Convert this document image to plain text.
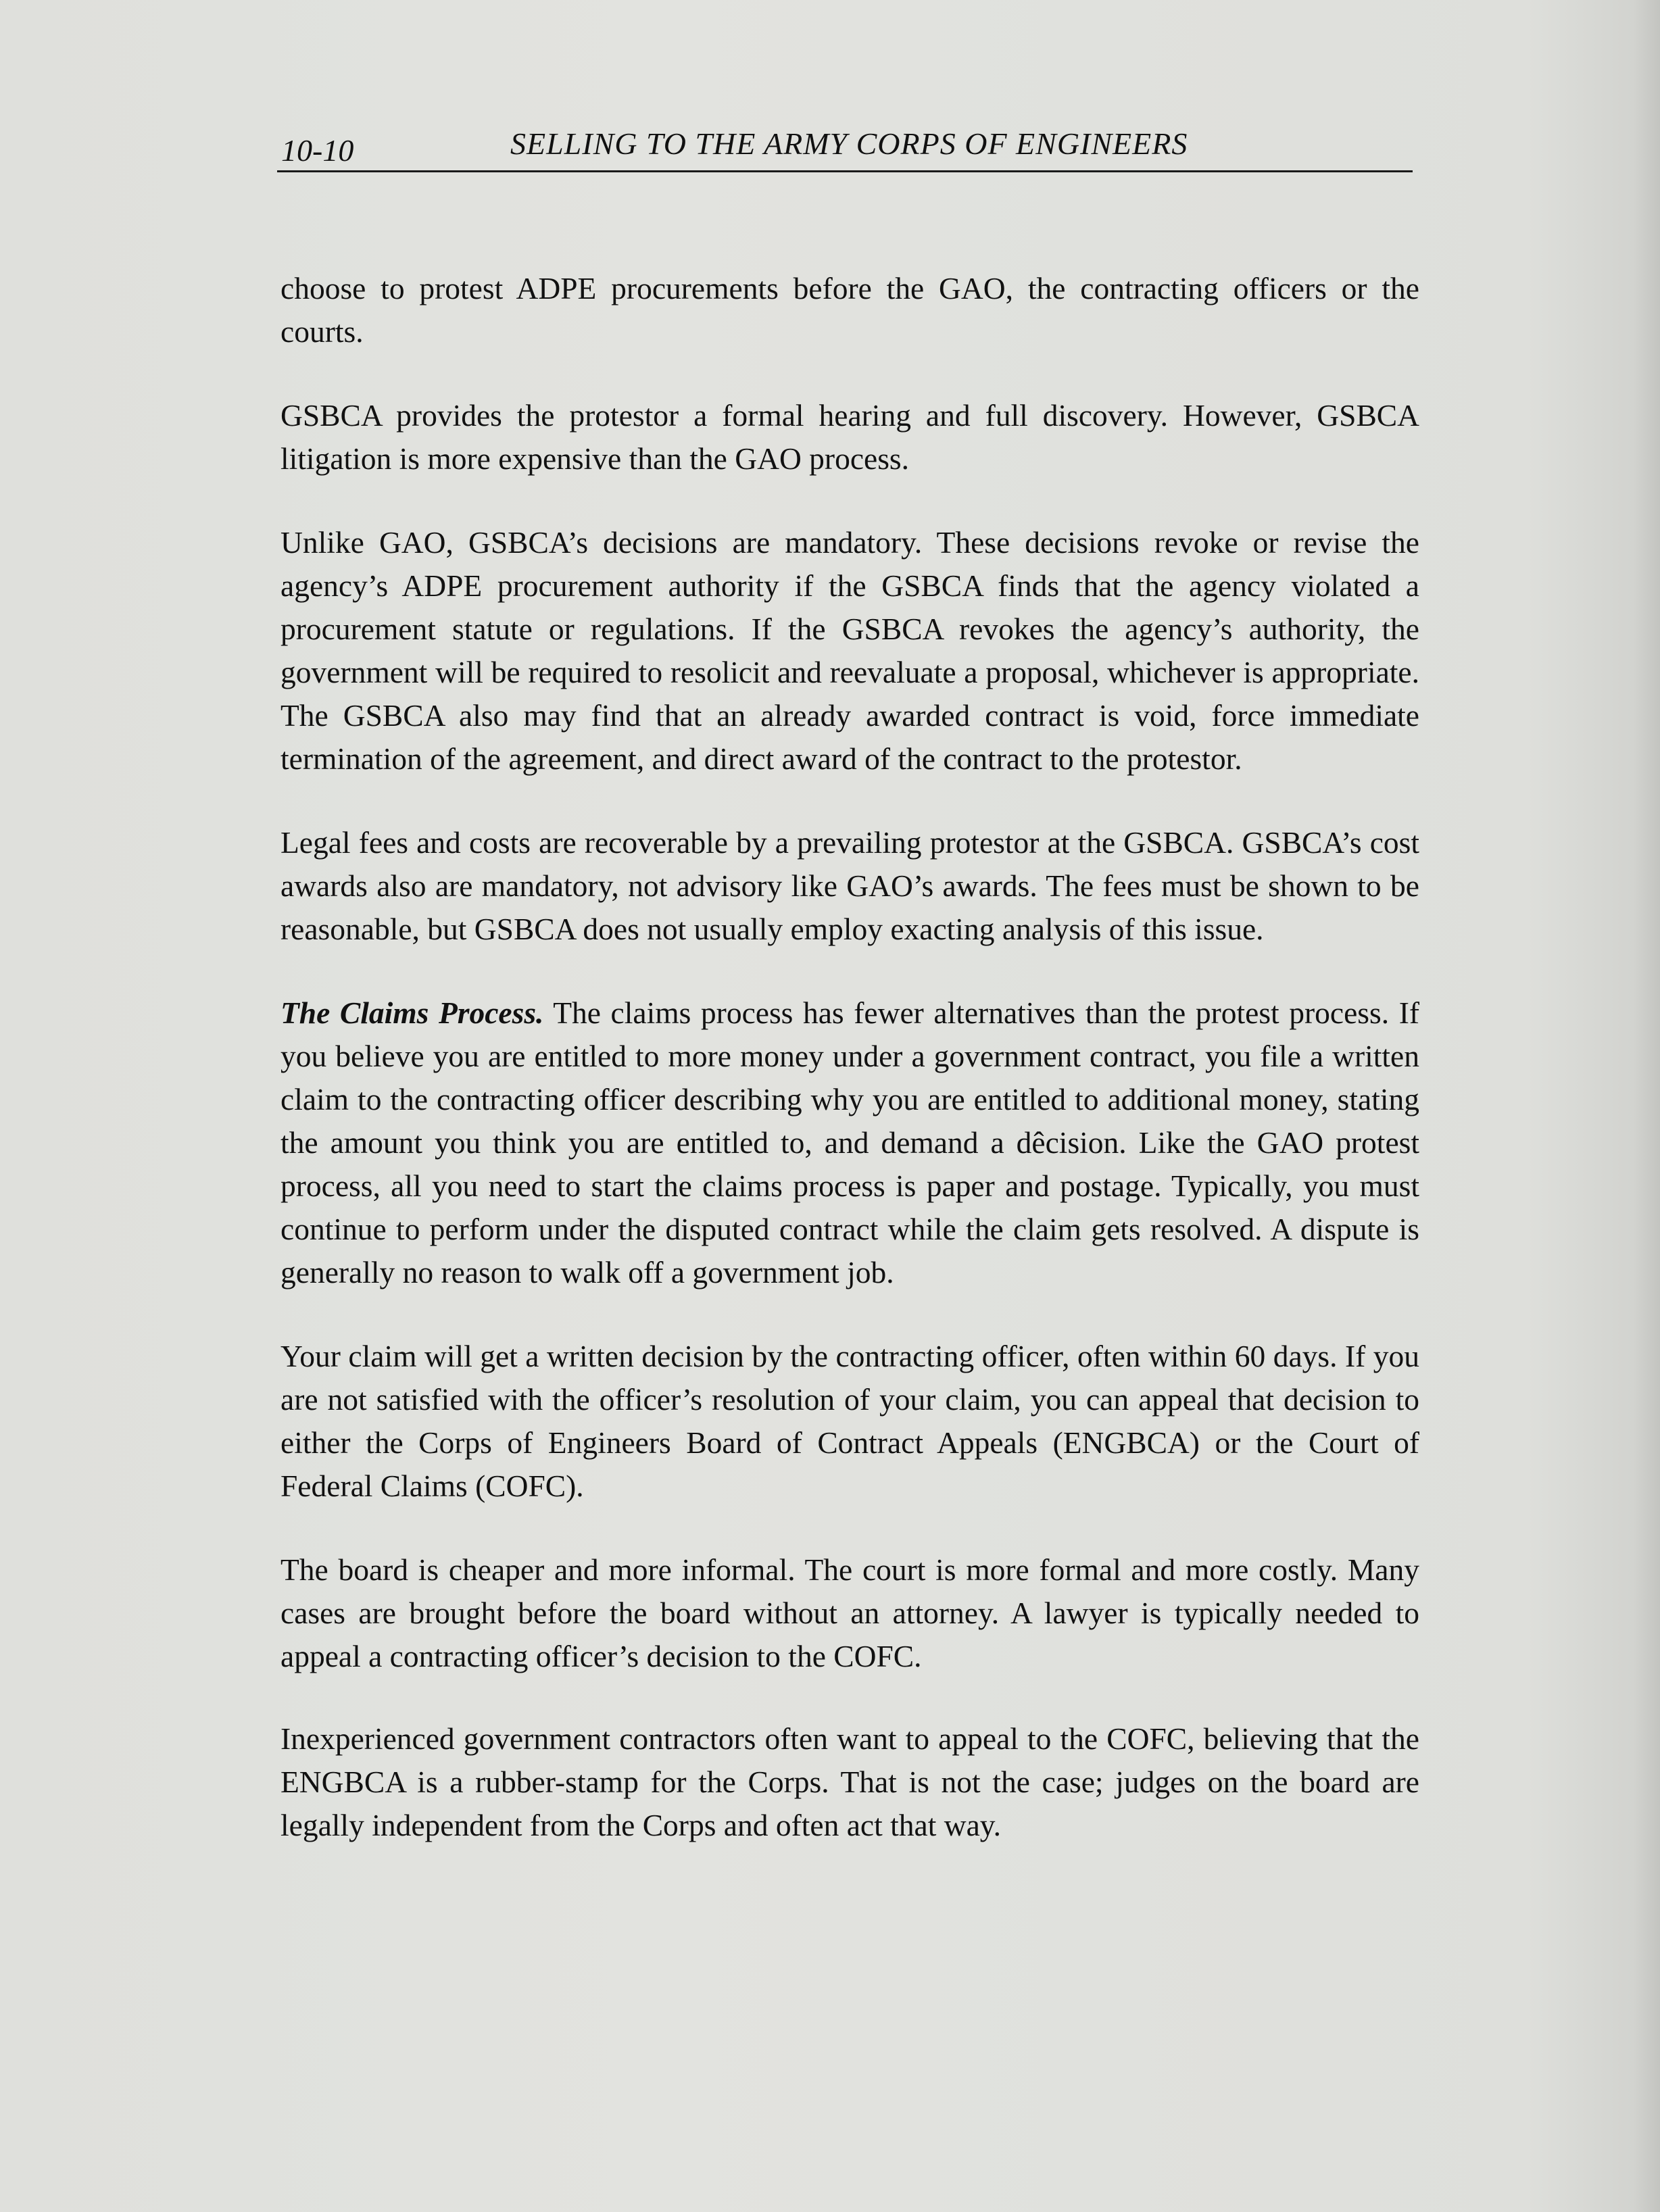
10-10	SELLING TO THE ARMY CORPS OF ENGINEERS

choose to protest ADPE procurements before the GAO, the contracting officers or the courts.

GSBCA provides the protestor a formal hearing and full discovery. However, GSBCA litigation is more expensive than the GAO process.

Unlike GAO, GSBCA’s decisions are mandatory. These decisions revoke or revise the agency’s ADPE procurement authority if the GSBCA finds that the agency violated a procurement statute or regulations. If the GSBCA revokes the agency’s authority, the government will be required to resolicit and reevaluate a proposal, whichever is appropriate. The GSBCA also may find that an already awarded contract is void, force immediate termination of the agreement, and direct award of the contract to the protestor.

Legal fees and costs are recoverable by a prevailing protestor at the GSBCA. GSBCA’s cost awards also are mandatory, not advisory like GAO’s awards. The fees must be shown to be reasonable, but GSBCA does not usually employ exacting analysis of this issue.

The Claims Process. The claims process has fewer alternatives than the protest process. If you believe you are entitled to more money under a government contract, you file a written claim to the contracting officer describing why you are entitled to additional money, stating the amount you think you are entitled to, and demand a dêcision. Like the GAO protest process, all you need to start the claims process is paper and postage. Typically, you must continue to perform under the disputed contract while the claim gets resolved. A dispute is generally no reason to walk off a government job.

Your claim will get a written decision by the contracting officer, often within 60 days. If you are not satisfied with the officer’s resolution of your claim, you can appeal that decision to either the Corps of Engineers Board of Contract Appeals (ENGBCA) or the Court of Federal Claims (COFC).

The board is cheaper and more informal. The court is more formal and more costly. Many cases are brought before the board without an attorney. A lawyer is typically needed to appeal a contracting officer’s decision to the COFC.

Inexperienced government contractors often want to appeal to the COFC, believing that the ENGBCA is a rubber-stamp for the Corps. That is not the case; judges on the board are legally independent from the Corps and often act that way.
